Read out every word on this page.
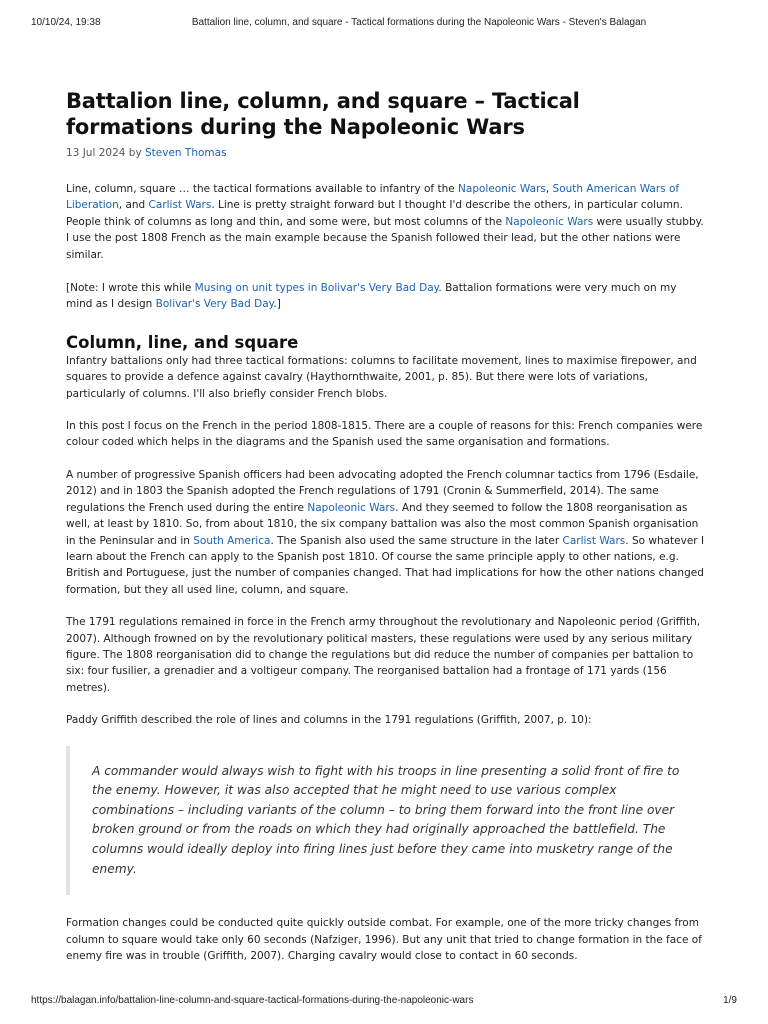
10/10/24, 19:38	Battalion line, column, and square - Tactical formations during the Napoleonic Wars - Steven's Balagan
Battalion line, column, and square – Tactical formations during the Napoleonic Wars
13 Jul 2024 by Steven Thomas

Line, column, square … the tactical formations available to infantry of the Napoleonic Wars, South American Wars of Liberation, and Carlist Wars. Line is pretty straight forward but I thought I'd describe the others, in particular column. People think of columns as long and thin, and some were, but most columns of the Napoleonic Wars were usually stubby. I use the post 1808 French as the main example because the Spanish followed their lead, but the other nations were similar.

[Note: I wrote this while Musing on unit types in Bolivar's Very Bad Day. Battalion formations were very much on my mind as I design Bolivar's Very Bad Day.]

Column, line, and square

Infantry battalions only had three tactical formations: columns to facilitate movement, lines to maximise firepower, and squares to provide a defence against cavalry (Haythornthwaite, 2001, p. 85). But there were lots of variations, particularly of columns. I'll also briefly consider French blobs.

In this post I focus on the French in the period 1808-1815. There are a couple of reasons for this: French companies were colour coded which helps in the diagrams and the Spanish used the same organisation and formations.

A number of progressive Spanish officers had been advocating adopted the French columnar tactics from 1796 (Esdaile, 2012) and in 1803 the Spanish adopted the French regulations of 1791 (Cronin & Summerfield, 2014). The same regulations the French used during the entire Napoleonic Wars. And they seemed to follow the 1808 reorganisation as well, at least by 1810. So, from about 1810, the six company battalion was also the most common Spanish organisation in the Peninsular and in South America. The Spanish also used the same structure in the later Carlist Wars. So whatever I learn about the French can apply to the Spanish post 1810. Of course the same principle apply to other nations, e.g. British and Portuguese, just the number of companies changed. That had implications for how the other nations changed formation, but they all used line, column, and square.

The 1791 regulations remained in force in the French army throughout the revolutionary and Napoleonic period (Griffith, 2007). Although frowned on by the revolutionary political masters, these regulations were used by any serious military figure. The 1808 reorganisation did to change the regulations but did reduce the number of companies per battalion to six: four fusilier, a grenadier and a voltigeur company. The reorganised battalion had a frontage of 171 yards (156 metres).

Paddy Griffith described the role of lines and columns in the 1791 regulations (Griffith, 2007, p. 10):

A commander would always wish to fight with his troops in line presenting a solid front of fire to the enemy. However, it was also accepted that he might need to use various complex combinations – including variants of the column – to bring them forward into the front line over broken ground or from the roads on which they had originally approached the battlefield. The columns would ideally deploy into firing lines just before they came into musketry range of the enemy.

Formation changes could be conducted quite quickly outside combat. For example, one of the more tricky changes from column to square would take only 60 seconds (Nafziger, 1996). But any unit that tried to change formation in the face of enemy fire was in trouble (Griffith, 2007). Charging cavalry would close to contact in 60 seconds.

https://balagan.info/battalion-line-column-and-square-tactical-formations-during-the-napoleonic-wars	1/9
